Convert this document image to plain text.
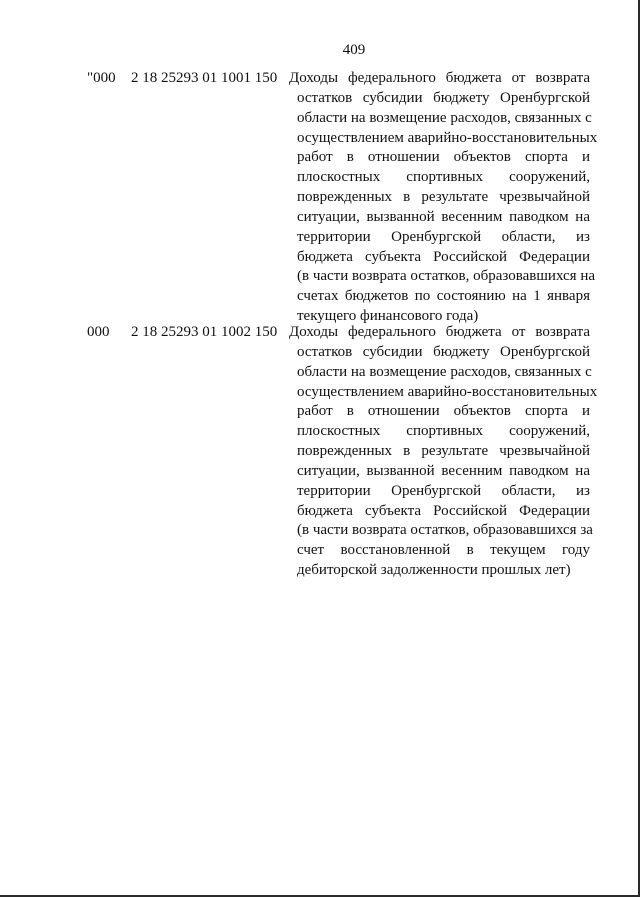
409
"000 2 18 25293 01 1001 150 Доходы федерального бюджета от возврата
остатков субсидии бюджету Оренбургской
области на возмещение расходов, связанных с
осуществлением аварийно-восстановительных
работ в отношении объектов спорта и
плоскостных спортивных сооружений,
поврежденных в результате чрезвычайной
ситуации, вызванной весенним паводком на
территории Оренбургской области, из
бюджета субъекта Российской Федерации
(в части возврата остатков, образовавшихся на
счетах бюджетов по состоянию на 1 января
текущего финансового года)
000 2 18 25293 01 1002 150 Доходы федерального бюджета от возврата
остатков субсидии бюджету Оренбургской
области на возмещение расходов, связанных с
осуществлением аварийно-восстановительных
работ в отношении объектов спорта и
плоскостных спортивных сооружений,
поврежденных в результате чрезвычайной
ситуации, вызванной весенним паводком на
территории Оренбургской области, из
бюджета субъекта Российской Федерации
(в части возврата остатков, образовавшихся за
счет восстановленной в текущем году
дебиторской задолженности прошлых лет)
